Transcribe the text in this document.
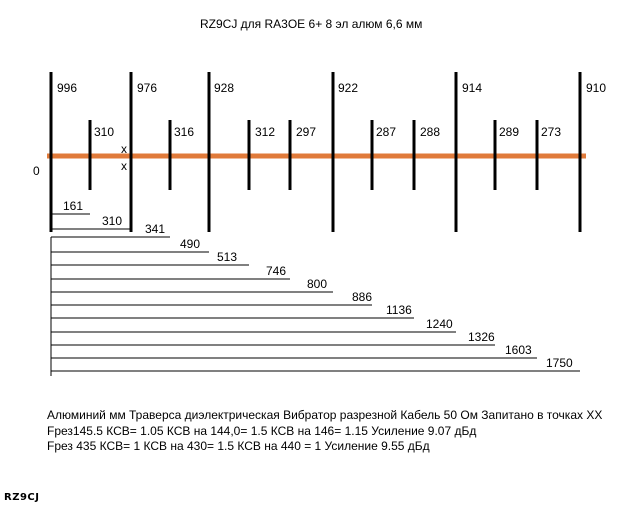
RZ9CJ для RA3OE 6+ 8 эл алюм 6,6 мм
0
x
x
996
310
976
316
928
312 297
922
287 288
914
289 273
910
161
310
341
490
513
746
800
886
1136
1240
1326
1603
1750
Алюминий мм Траверса диэлектрическая Вибратор разрезной Кабель 50 Ом Запитано в точках ХХ
Fрез145.5 КСВ= 1.05 КСВ на 144,0= 1.5 КСВ на 146= 1.15 Усиление 9.07 дБд
Fрез 435 КСВ= 1 КСВ на 430= 1.5 КСВ на 440 = 1 Усиление 9.55 дБд
RZ9CJ
